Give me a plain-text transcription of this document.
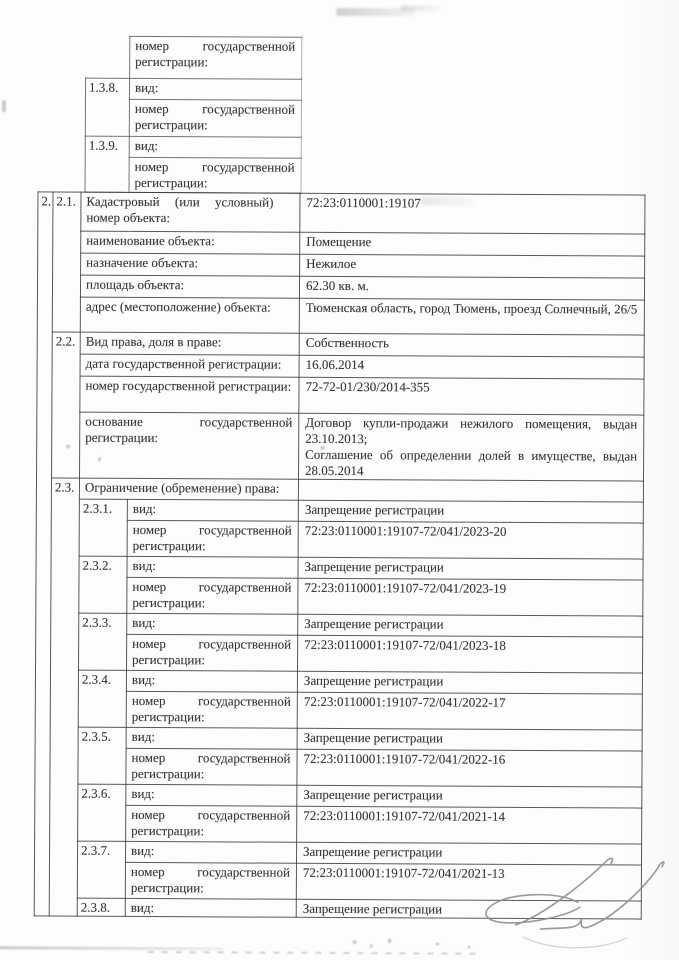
	номер государственной регистрации:
1.3.8.	вид:
	номер государственной регистрации:
1.3.9.	вид:
	номер государственной регистрации:
2.	2.1.	Кадастровый (или условный) номер объекта:		72:23:0110001:19107
		наименование объекта:		Помещение
		назначение объекта:		Нежилое
		площадь объекта:		62.30 кв. м.
		адрес (местоположение) объекта:		Тюменская область, город Тюмень, проезд Солнечный, 26/5
	2.2.	Вид права, доля в праве:		Собственность
		дата государственной регистрации:		16.06.2014
		номер государственной регистрации:		72-72-01/230/2014-355
		основание государственной регистрации:		Договор купли-продажи нежилого помещения, выдан 23.10.2013;
Соглашение об определении долей в имуществе, выдан 28.05.2014

	2.3.	Ограничение (обременение) права:		
		2.3.1.	вид:	Запрещение регистрации
			номер государственной регистрации:	72:23:0110001:19107-72/041/2023-20
		2.3.2.	вид:	Запрещение регистрации
			номер государственной регистрации:	72:23:0110001:19107-72/041/2023-19
		2.3.3.	вид:	Запрещение регистрации
			номер государственной регистрации:	72:23:0110001:19107-72/041/2023-18
		2.3.4.	вид:	Запрещение регистрации
			номер государственной регистрации:	72:23:0110001:19107-72/041/2022-17
		2.3.5.	вид:	Запрещение регистрации
			номер государственной регистрации:	72:23:0110001:19107-72/041/2022-16
		2.3.6.	вид:	Запрещение регистрации
			номер государственной регистрации:	72:23:0110001:19107-72/041/2021-14
		2.3.7.	вид:	Запрещение регистрации
			номер государственной регистрации:	72:23:0110001:19107-72/041/2021-13
		2.3.8.	вид:	Запрещение регистрации
